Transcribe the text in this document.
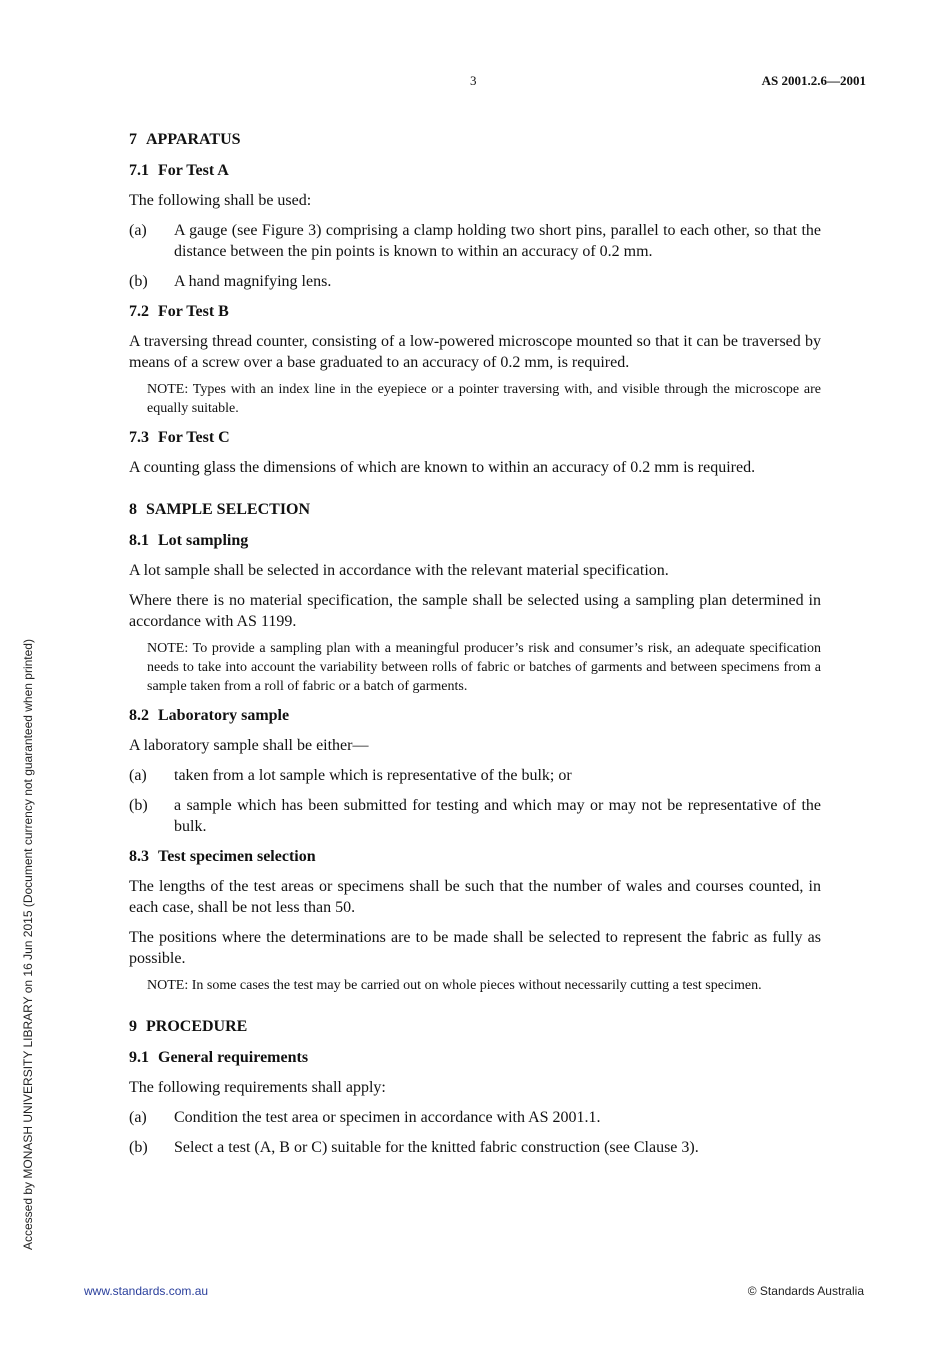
3	AS 2001.2.6—2001
Accessed by MONASH UNIVERSITY LIBRARY on 16 Jun 2015 (Document currency not guaranteed when printed)
7 APPARATUS
7.1 For Test A

The following shall be used:

(a)	A gauge (see Figure 3) comprising a clamp holding two short pins, parallel to each other, so that the distance between the pin points is known to within an accuracy of 0.2 mm.
(b)	A hand magnifying lens.
7.2 For Test B

A traversing thread counter, consisting of a low-powered microscope mounted so that it can be traversed by means of a screw over a base graduated to an accuracy of 0.2 mm, is required.

NOTE: Types with an index line in the eyepiece or a pointer traversing with, and visible through the microscope are equally suitable.
7.3 For Test C

A counting glass the dimensions of which are known to within an accuracy of 0.2 mm is required.

8 SAMPLE SELECTION
8.1 Lot sampling

A lot sample shall be selected in accordance with the relevant material specification.

Where there is no material specification, the sample shall be selected using a sampling plan determined in accordance with AS 1199.

NOTE: To provide a sampling plan with a meaningful producer’s risk and consumer’s risk, an adequate specification needs to take into account the variability between rolls of fabric or batches of garments and between specimens from a sample taken from a roll of fabric or a batch of garments.
8.2 Laboratory sample

A laboratory sample shall be either—

(a)	taken from a lot sample which is representative of the bulk; or
(b)	a sample which has been submitted for testing and which may or may not be representative of the bulk.
8.3 Test specimen selection

The lengths of the test areas or specimens shall be such that the number of wales and courses counted, in each case, shall be not less than 50.

The positions where the determinations are to be made shall be selected to represent the fabric as fully as possible.

NOTE: In some cases the test may be carried out on whole pieces without necessarily cutting a test specimen.
9 PROCEDURE
9.1 General requirements

The following requirements shall apply:

(a)	Condition the test area or specimen in accordance with AS 2001.1.
(b)	Select a test (A, B or C) suitable for the knitted fabric construction (see Clause 3).
www.standards.com.au	© Standards Australia
